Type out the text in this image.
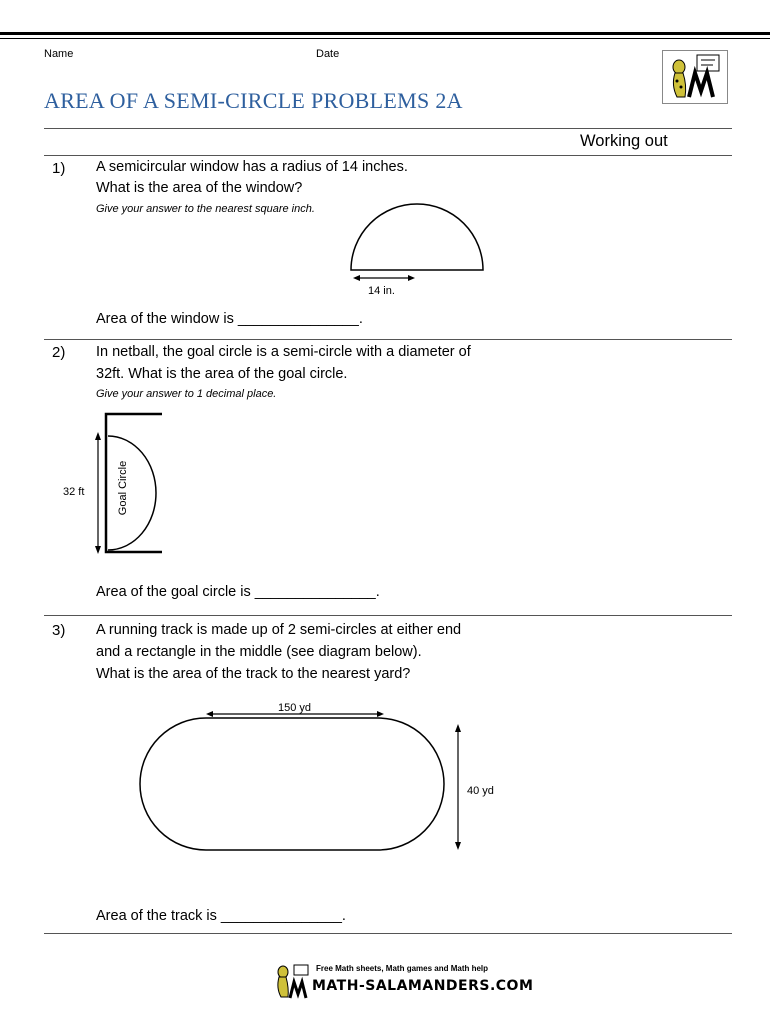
Name	Date
AREA OF A SEMI-CIRCLE PROBLEMS 2A
Working out
1) A semicircular window has a radius of 14 inches.
What is the area of the window?
Give your answer to the nearest square inch.
14 in.
Area of the window is _______________.
2) In netball, the goal circle is a semi-circle with a diameter of
32ft. What is the area of the goal circle.
Give your answer to 1 decimal place.
32 ft	Goal Circle
Area of the goal circle is _______________.
3) A running track is made up of 2 semi-circles at either end
and a rectangle in the middle (see diagram below).
What is the area of the track to the nearest yard?
150 yd
40 yd
Area of the track is _______________.
Free Math sheets, Math games and Math help
MATH-SALAMANDERS.COM
